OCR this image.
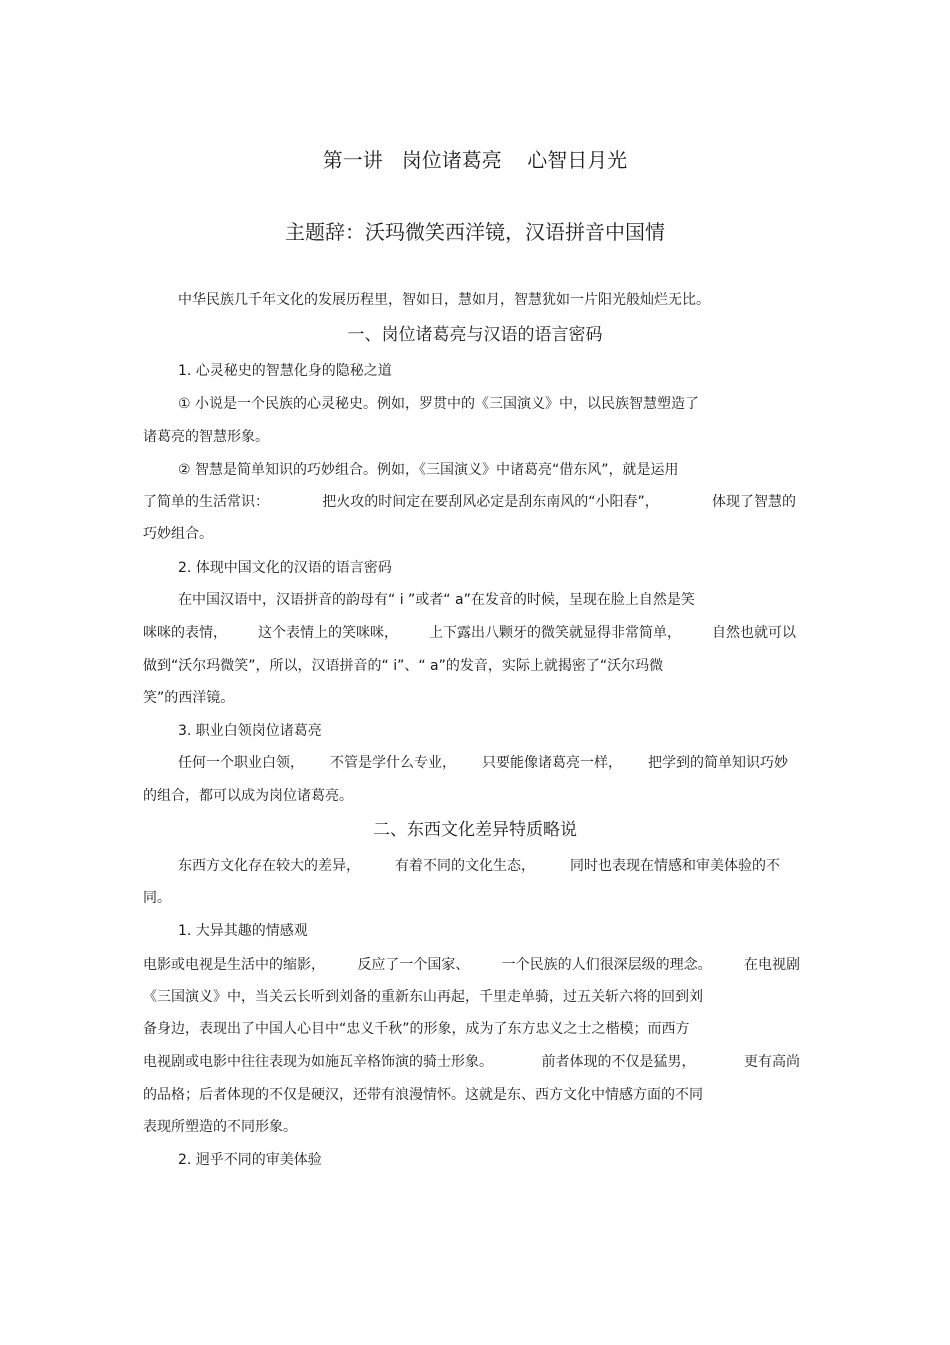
第一讲   岗位诸葛亮    心智日月光
主题辞：沃玛微笑西洋镜，汉语拼音中国情
中华民族几千年文化的发展历程里，智如日，慧如月，智慧犹如一片阳光般灿烂无比。
一、岗位诸葛亮与汉语的语言密码
1. 心灵秘史的智慧化身的隐秘之道
① 小说是一个民族的心灵秘史。例如，罗贯中的《三国演义》中，以民族智慧塑造了
诸葛亮的智慧形象。
② 智慧是简单知识的巧妙组合。例如，《三国演义》中诸葛亮“借东风”，就是运用
了简单的生活常识：	把火攻的时间定在要刮风必定是刮东南风的“小阳春”，	体现了智慧的
巧妙组合。
2. 体现中国文化的汉语的语言密码
在中国汉语中，汉语拼音的韵母有“ i ”或者“ a”在发音的时候，呈现在脸上自然是笑
咪咪的表情， 这个表情上的笑咪咪， 上下露出八颗牙的微笑就显得非常简单， 自然也就可以
做到“沃尔玛微笑”，所以，汉语拼音的“ i”、“ a”的发音，实际上就揭密了“沃尔玛微
笑”的西洋镜。
3. 职业白领岗位诸葛亮
任何一个职业白领， 不管是学什么专业， 只要能像诸葛亮一样， 把学到的简单知识巧妙
的组合，都可以成为岗位诸葛亮。
二、东西文化差异特质略说
东西方文化存在较大的差异，	有着不同的文化生态，	同时也表现在情感和审美体验的不
同。
1. 大异其趣的情感观
电影或电视是生活中的缩影， 反应了一个国家、 一个民族的人们很深层级的理念。 在电视剧
《三国演义》中，当关云长听到刘备的重新东山再起，千里走单骑，过五关斩六将的回到刘
备身边，表现出了中国人心目中“忠义千秋”的形象，成为了东方忠义之士之楷模；而西方
电视剧或电影中往往表现为如施瓦辛格饰演的骑士形象。	前者体现的不仅是猛男，	更有高尚
的品格；后者体现的不仅是硬汉，还带有浪漫情怀。这就是东、西方文化中情感方面的不同
表现所塑造的不同形象。
2. 迥乎不同的审美体验
